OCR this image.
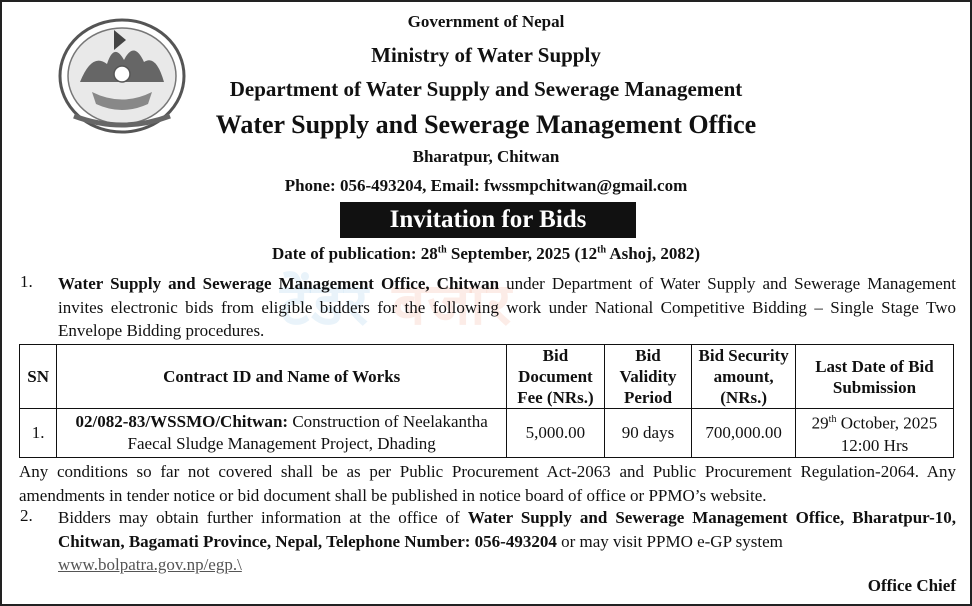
टेंडर बजार
Government of Nepal
Ministry of Water Supply
Department of Water Supply and Sewerage Management
Water Supply and Sewerage Management Office
Bharatpur, Chitwan
Phone: 056-493204, Email: fwssmpchitwan@gmail.com
Invitation for Bids
Date of publication: 28th September, 2025 (12th Ashoj, 2082)
1. Water Supply and Sewerage Management Office, Chitwan under Department of Water Supply and Sewerage Management invites electronic bids from eligible bidders for the following work under National Competitive Bidding – Single Stage Two Envelope Bidding procedures.
SN	Contract ID and Name of Works	Bid Document Fee (NRs.)	Bid Validity Period	Bid Security amount, (NRs.)	Last Date of Bid Submission
1.	02/082-83/WSSMO/Chitwan: Construction of Neelakantha Faecal Sludge Management Project, Dhading	5,000.00	90 days	700,000.00	29th October, 2025
12:00 Hrs
Any conditions so far not covered shall be as per Public Procurement Act-2063 and Public Procurement Regulation-2064. Any amendments in tender notice or bid document shall be published in notice board of office or PPMO’s website.
2. Bidders may obtain further information at the office of Water Supply and Sewerage Management Office, Bharatpur-10, Chitwan, Bagamati Province, Nepal, Telephone Number: 056-493204 or may visit PPMO e-GP system
www.bolpatra.gov.np/egp.\
Office Chief
